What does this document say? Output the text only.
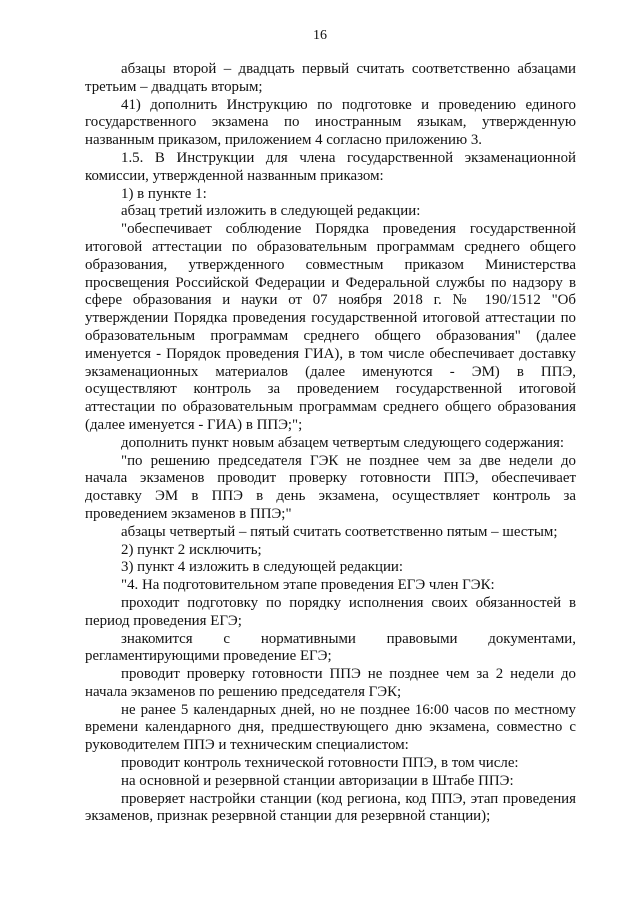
16

абзацы второй – двадцать первый считать соответственно абзацами третьим – двадцать вторым;

41) дополнить Инструкцию по подготовке и проведению единого государственного экзамена по иностранным языкам, утвержденную названным приказом, приложением 4 согласно приложению 3.

1.5. В Инструкции для члена государственной экзаменационной комиссии, утвержденной названным приказом:

1) в пункте 1:

абзац третий изложить в следующей редакции:

"обеспечивает соблюдение Порядка проведения государственной итоговой аттестации по образовательным программам среднего общего образования, утвержденного совместным приказом Министерства просвещения Российской Федерации и Федеральной службы по надзору в сфере образования и науки от 07 ноября 2018 г. № 190/1512 "Об утверждении Порядка проведения государственной итоговой аттестации по образовательным программам среднего общего образования" (далее именуется - Порядок проведения ГИА), в том числе обеспечивает доставку экзаменационных материалов (далее именуются - ЭМ) в ППЭ, осуществляют контроль за проведением государственной итоговой аттестации по образовательным программам среднего общего образования (далее именуется - ГИА) в ППЭ;";

дополнить пункт новым абзацем четвертым следующего содержания:

"по решению председателя ГЭК не позднее чем за две недели до начала экзаменов проводит проверку готовности ППЭ, обеспечивает доставку ЭМ в ППЭ в день экзамена, осуществляет контроль за проведением экзаменов в ППЭ;"

абзацы четвертый – пятый считать соответственно пятым – шестым;

2) пункт 2 исключить;

3) пункт 4 изложить в следующей редакции:

"4. На подготовительном этапе проведения ЕГЭ член ГЭК:

проходит подготовку по порядку исполнения своих обязанностей в период проведения ЕГЭ;

знакомится с нормативными правовыми документами, регламентирующими проведение ЕГЭ;

проводит проверку готовности ППЭ не позднее чем за 2 недели до начала экзаменов по решению председателя ГЭК;

не ранее 5 календарных дней, но не позднее 16:00 часов по местному времени календарного дня, предшествующего дню экзамена, совместно с руководителем ППЭ и техническим специалистом:

проводит контроль технической готовности ППЭ, в том числе:

на основной и резервной станции авторизации в Штабе ППЭ:

проверяет настройки станции (код региона, код ППЭ, этап проведения экзаменов, признак резервной станции для резервной станции);
